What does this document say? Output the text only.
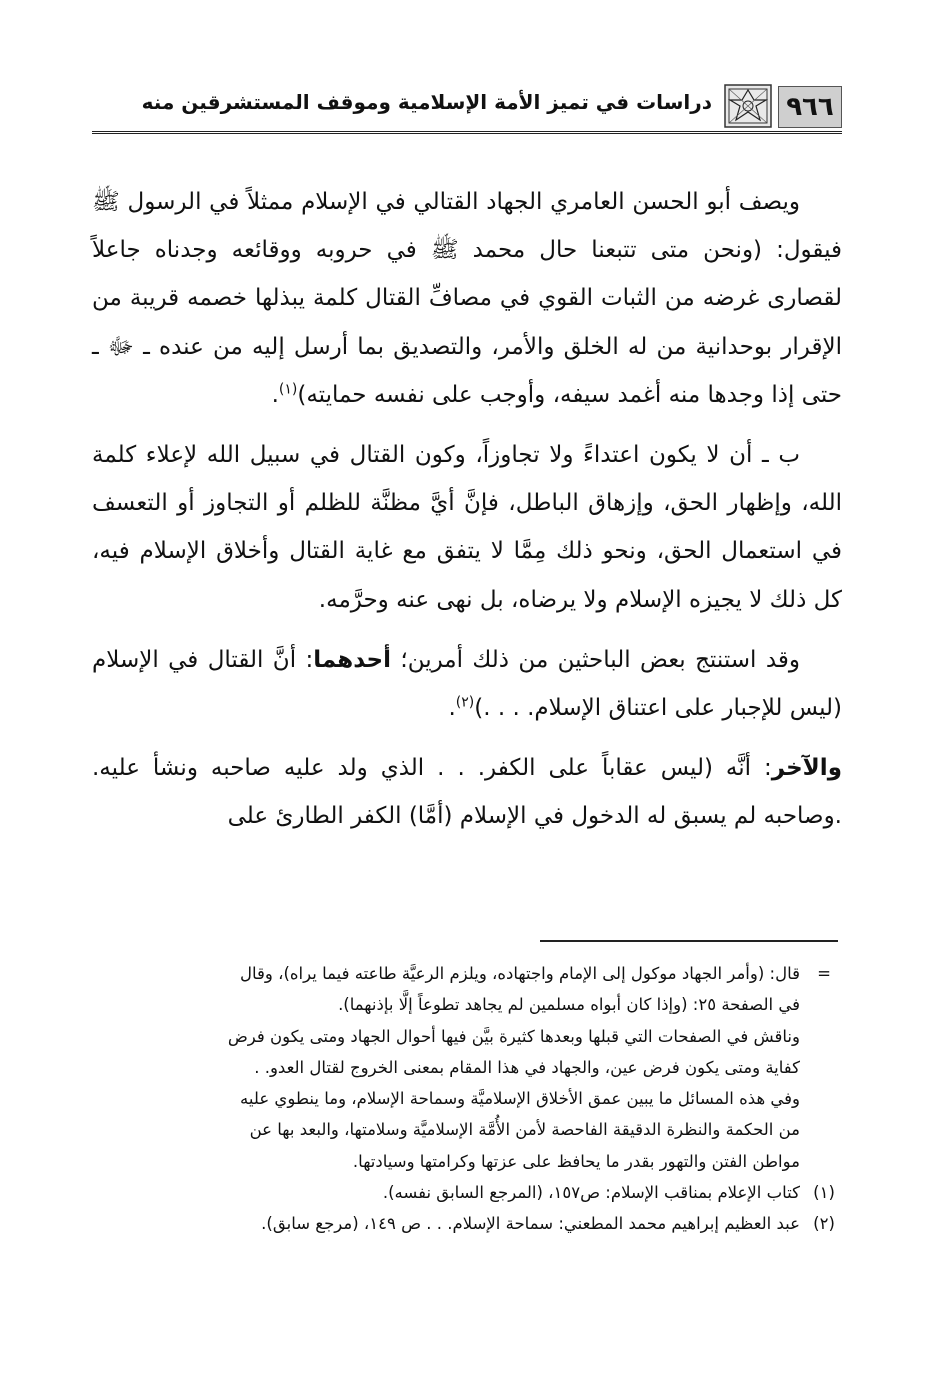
٩٦٦
دراسات في تميز الأمة الإسلامية وموقف المستشرقين منه

ويصف أبو الحسن العامري الجهاد القتالي في الإسلام ممثلاً في الرسول ﷺ فيقول: (ونحن متى تتبعنا حال محمد ﷺ في حروبه ووقائعه وجدناه جاعلاً لقصارى غرضه من الثبات القوي في مصافِّ القتال كلمة يبذلها خصمه قريبة من الإقرار بوحدانية من له الخلق والأمر، والتصديق بما أرسل إليه من عنده ـ ﷻ ـ حتى إذا وجدها منه أغمد سيفه، وأوجب على نفسه حمايته)$^{(١)}$.

ب ـ أن لا يكون اعتداءً ولا تجاوزاً، وكون القتال في سبيل الله لإعلاء كلمة الله، وإظهار الحق، وإزهاق الباطل، فإنَّ أيَّ مظنَّة للظلم أو التجاوز أو التعسف في استعمال الحق، ونحو ذلك مِمَّا لا يتفق مع غاية القتال وأخلاق الإسلام فيه، كل ذلك لا يجيزه الإسلام ولا يرضاه، بل نهى عنه وحرَّمه.

وقد استنتج بعض الباحثين من ذلك أمرين؛ أحدهما: أنَّ القتال في الإسلام (ليس للإجبار على اعتناق الإسلام. . . .)$^{(٢)}$.

والآخر: أنَّه (ليس عقاباً على الكفر. . . الذي ولد عليه صاحبه ونشأ عليه. .وصاحبه لم يسبق له الدخول في الإسلام (أمَّا) الكفر الطارئ على

=

قال: (وأمر الجهاد موكول إلى الإمام واجتهاده، ويلزم الرعيَّة طاعته فيما يراه)، وقال

في الصفحة ٢٥: (وإذا كان أبواه مسلمين لم يجاهد تطوعاً إلَّا بإذنهما).

وناقش في الصفحات التي قبلها وبعدها كثيرة بيَّن فيها أحوال الجهاد ومتى يكون فرض

كفاية ومتى يكون فرض عين، والجهاد في هذا المقام بمعنى الخروج لقتال العدو. .

وفي هذه المسائل ما يبين عمق الأخلاق الإسلاميَّة وسماحة الإسلام، وما ينطوي عليه

من الحكمة والنظرة الدقيقة الفاحصة لأمن الأُمَّة الإسلاميَّة وسلامتها، والبعد بها عن

مواطن الفتن والتهور بقدر ما يحافظ على عزتها وكرامتها وسيادتها.

(١)
كتاب الإعلام بمناقب الإسلام: ص١٥٧، (المرجع السابق نفسه).
(٢)
عبد العظيم إبراهيم محمد المطعني: سماحة الإسلام. . . ص ١٤٩، (مرجع سابق).
